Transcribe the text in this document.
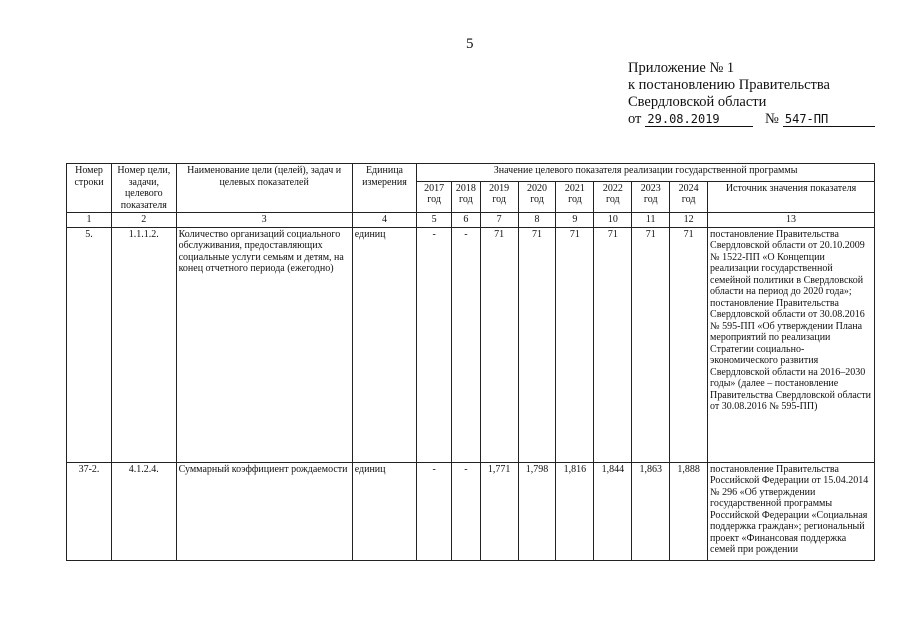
5
Приложение № 1
к постановлению Правительства
Свердловской области
от 29.08.2019	№ 547-ПП
Номер строки	Номер цели, задачи, целевого показателя	Наименование цели (целей), задач и целевых показателей	Единица измерения	Значение целевого показателя реализации государственной программы								
				2017 год	2018 год	2019 год	2020 год	2021 год	2022 год	2023 год	2024 год	Источник значения показателя
1	2	3	4	5	6	7	8	9	10	11	12	13
5.	1.1.1.2.	Количество организаций социального обслуживания, предоставляющих социальные услуги семьям и детям, на конец отчетного периода (ежегодно)	единиц	-	-	71	71	71	71	71	71	постановление Правительства Свердловской области от 20.10.2009 № 1522-ПП «О Концепции реализации государственной семейной политики в Свердловской области на период до 2020 года»; постановление Правительства Свердловской области от 30.08.2016 № 595-ПП «Об утверждении Плана мероприятий по реализации Стратегии социально-экономического развития Свердловской области на 2016–2030 годы» (далее – постановление Правительства Свердловской области от 30.08.2016 № 595-ПП)
37-2.	4.1.2.4.	Суммарный коэффициент рождаемости	единиц	-	-	1,771	1,798	1,816	1,844	1,863	1,888	постановление Правительства Российской Федерации от 15.04.2014 № 296 «Об утверждении государственной программы Российской Федерации «Социальная поддержка граждан»; региональный проект «Финансовая поддержка семей при рождении
